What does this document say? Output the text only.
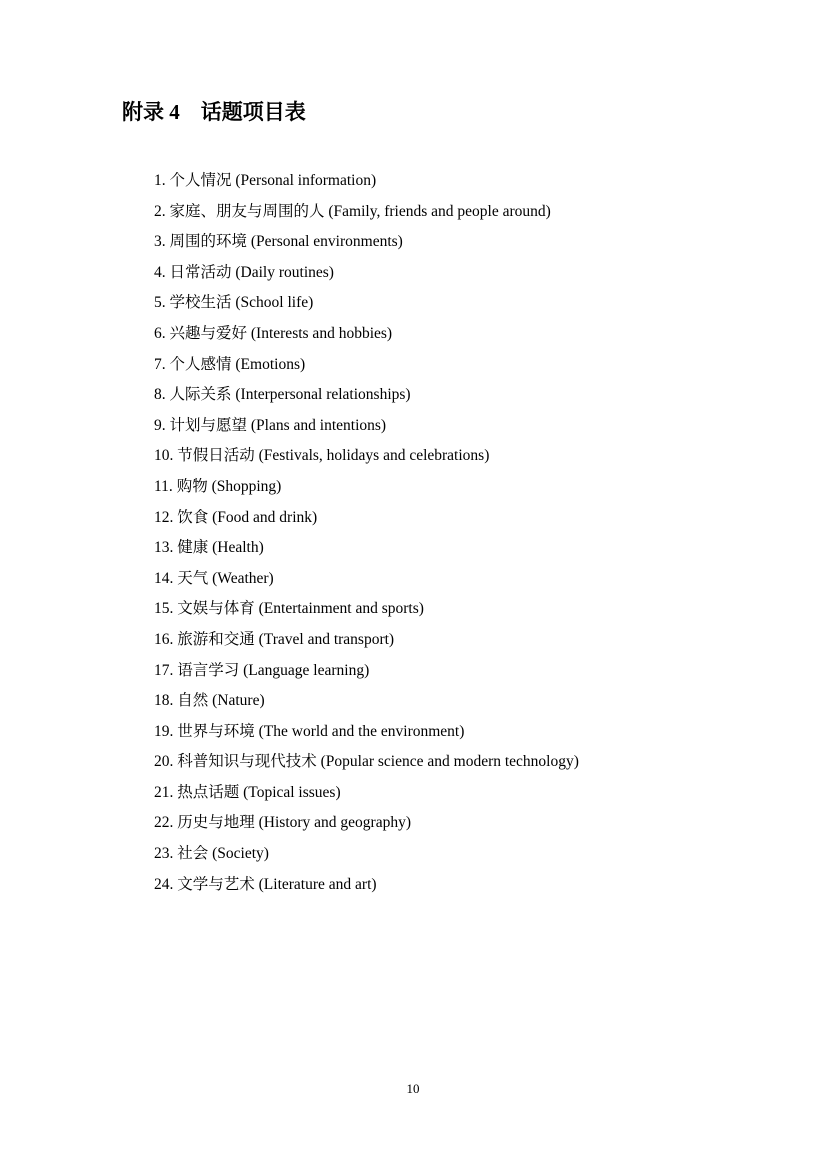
附录 4　话题项目表
1. 个人情况 (Personal information)
2. 家庭、朋友与周围的人 (Family, friends and people around)
3. 周围的环境 (Personal environments)
4. 日常活动 (Daily routines)
5. 学校生活 (School life)
6. 兴趣与爱好 (Interests and hobbies)
7. 个人感情 (Emotions)
8. 人际关系 (Interpersonal relationships)
9. 计划与愿望 (Plans and intentions)
10. 节假日活动 (Festivals, holidays and celebrations)
11. 购物 (Shopping)
12. 饮食 (Food and drink)
13. 健康 (Health)
14. 天气 (Weather)
15. 文娱与体育 (Entertainment and sports)
16. 旅游和交通 (Travel and transport)
17. 语言学习 (Language learning)
18. 自然 (Nature)
19. 世界与环境 (The world and the environment)
20. 科普知识与现代技术 (Popular science and modern technology)
21. 热点话题 (Topical issues)
22. 历史与地理 (History and geography)
23. 社会 (Society)
24. 文学与艺术 (Literature and art)
10
